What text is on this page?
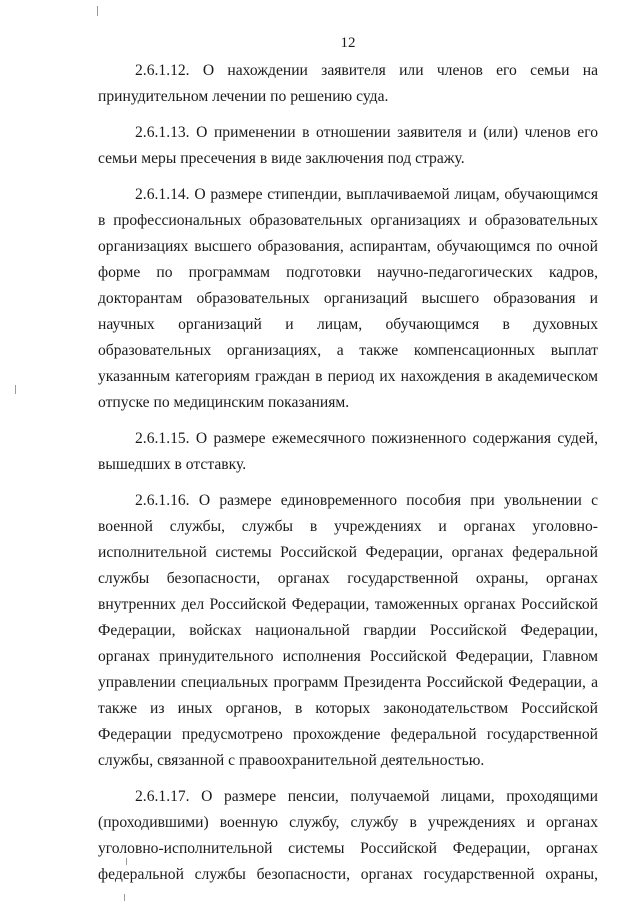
12

2.6.1.12. О нахождении заявителя или членов его семьи на принудительном лечении по решению суда.

2.6.1.13. О применении в отношении заявителя и (или) членов его семьи меры пресечения в виде заключения под стражу.

2.6.1.14. О размере стипендии, выплачиваемой лицам, обучающимся в профессиональных образовательных организациях и образовательных организациях высшего образования, аспирантам, обучающимся по очной форме по программам подготовки научно-педагогических кадров, докторантам образовательных организаций высшего образования и научных организаций и лицам, обучающимся в духовных образовательных организациях, а также компенсационных выплат указанным категориям граждан в период их нахождения в академическом отпуске по медицинским показаниям.

2.6.1.15. О размере ежемесячного пожизненного содержания судей, вышедших в отставку.

2.6.1.16. О размере единовременного пособия при увольнении с военной службы, службы в учреждениях и органах уголовно-исполнительной системы Российской Федерации, органах федеральной службы безопасности, органах государственной охраны, органах внутренних дел Российской Федерации, таможенных органах Российской Федерации, войсках национальной гвардии Российской Федерации, органах принудительного исполнения Российской Федерации, Главном управлении специальных программ Президента Российской Федерации, а также из иных органов, в которых законодательством Российской Федерации предусмотрено прохождение федеральной государственной службы, связанной с правоохранительной деятельностью.

2.6.1.17. О размере пенсии, получаемой лицами, проходящими (проходившими) военную службу, службу в учреждениях и органах уголовно-исполнительной системы Российской Федерации, органах федеральной службы безопасности, органах государственной охраны,
